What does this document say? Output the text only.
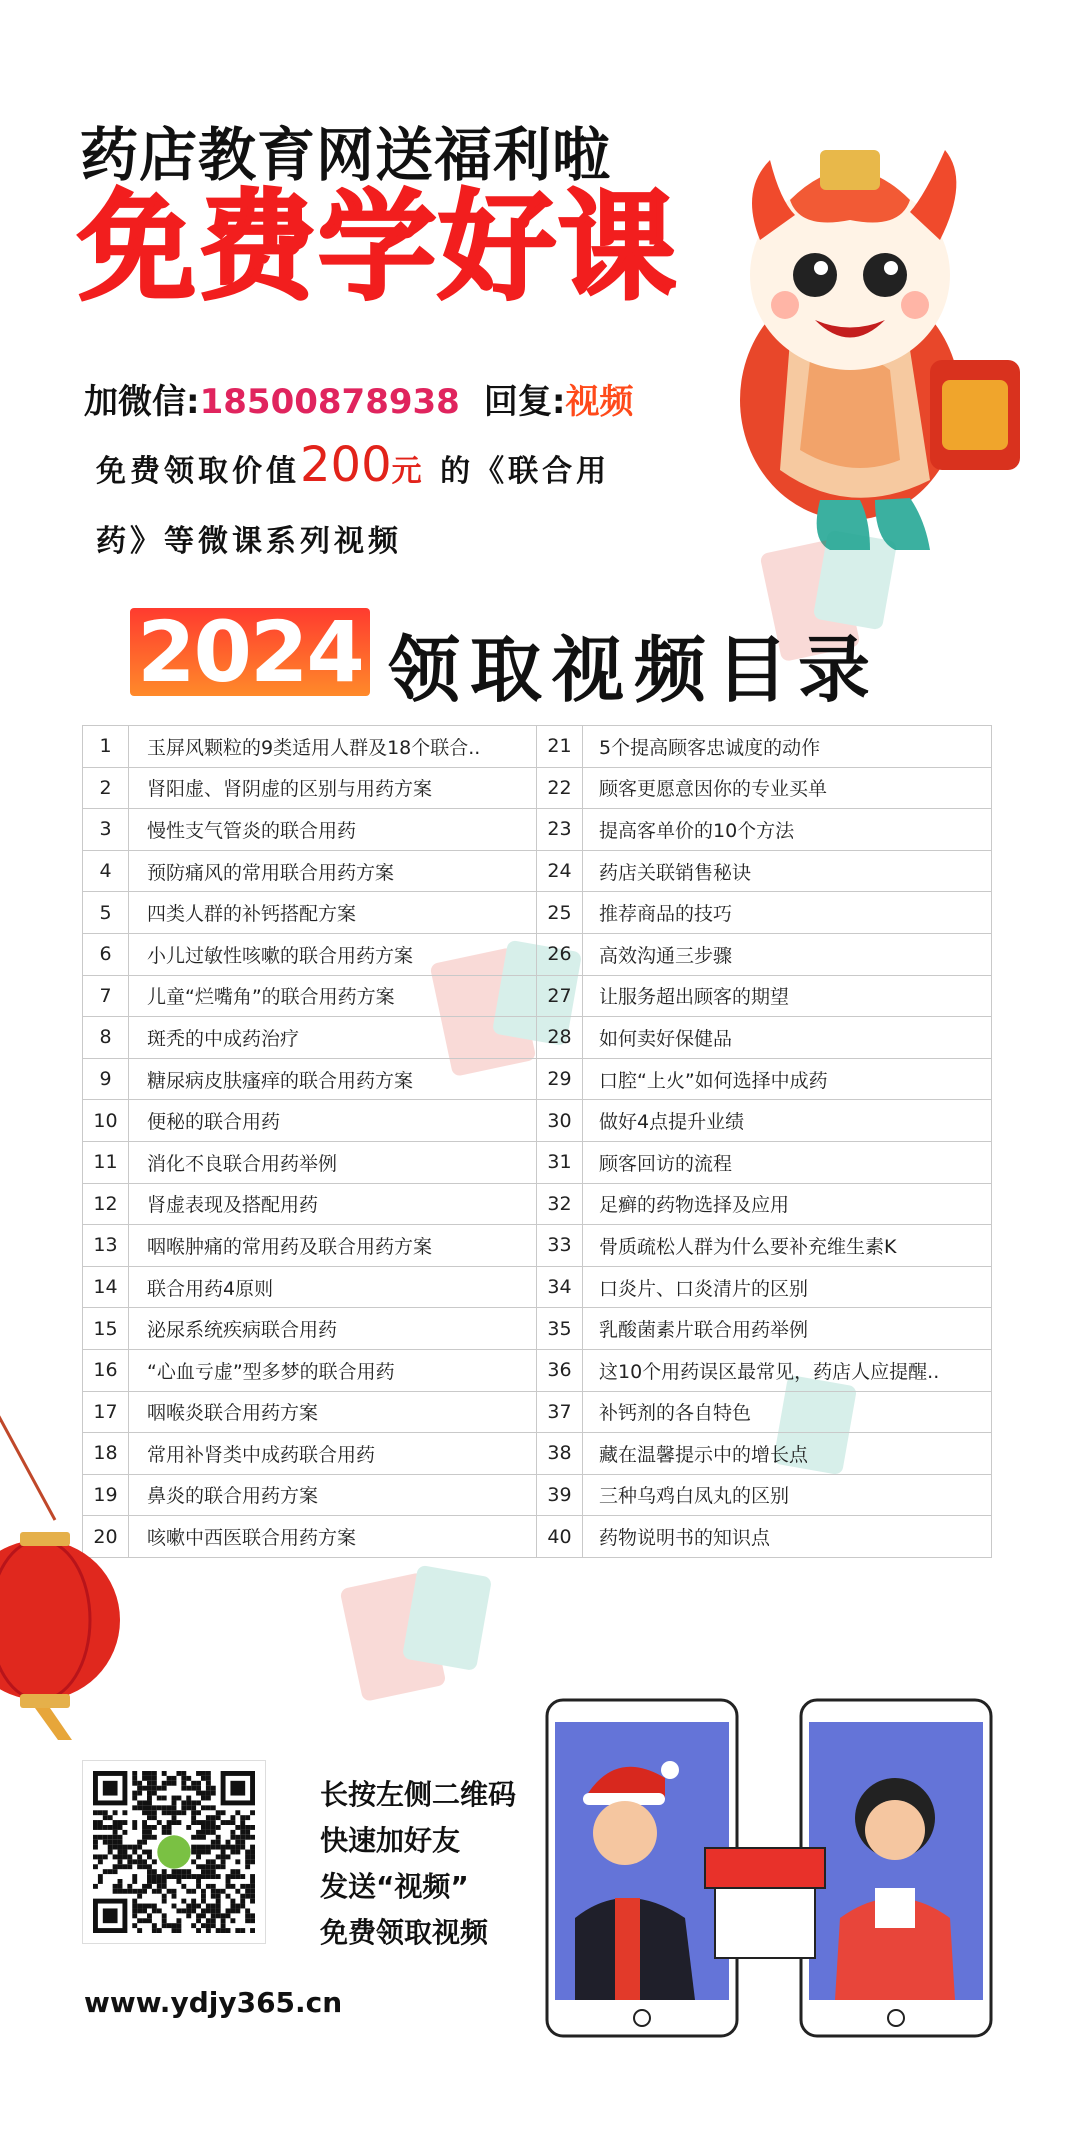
药店教育网送福利啦
免费学好课
加微信:18500878938 回复:视频
免费领取价值200元 的《联合用药》等微课系列视频
2024 领取视频目录
1	玉屏风颗粒的9类适用人群及18个联合..	21	5个提高顾客忠诚度的动作
2	肾阳虚、肾阴虚的区别与用药方案	22	顾客更愿意因你的专业买单
3	慢性支气管炎的联合用药	23	提高客单价的10个方法
4	预防痛风的常用联合用药方案	24	药店关联销售秘诀
5	四类人群的补钙搭配方案	25	推荐商品的技巧
6	小儿过敏性咳嗽的联合用药方案	26	高效沟通三步骤
7	儿童“烂嘴角”的联合用药方案	27	让服务超出顾客的期望
8	斑秃的中成药治疗	28	如何卖好保健品
9	糖尿病皮肤瘙痒的联合用药方案	29	口腔“上火”如何选择中成药
10	便秘的联合用药	30	做好4点提升业绩
11	消化不良联合用药举例	31	顾客回访的流程
12	肾虚表现及搭配用药	32	足癣的药物选择及应用
13	咽喉肿痛的常用药及联合用药方案	33	骨质疏松人群为什么要补充维生素K
14	联合用药4原则	34	口炎片、口炎清片的区别
15	泌尿系统疾病联合用药	35	乳酸菌素片联合用药举例
16	“心血亏虚”型多梦的联合用药	36	这10个用药误区最常见，药店人应提醒..
17	咽喉炎联合用药方案	37	补钙剂的各自特色
18	常用补肾类中成药联合用药	38	藏在温馨提示中的增长点
19	鼻炎的联合用药方案	39	三种乌鸡白凤丸的区别
20	咳嗽中西医联合用药方案	40	药物说明书的知识点
长按左侧二维码
快速加好友
发送“视频”
免费领取视频
www.ydjy365.cn
